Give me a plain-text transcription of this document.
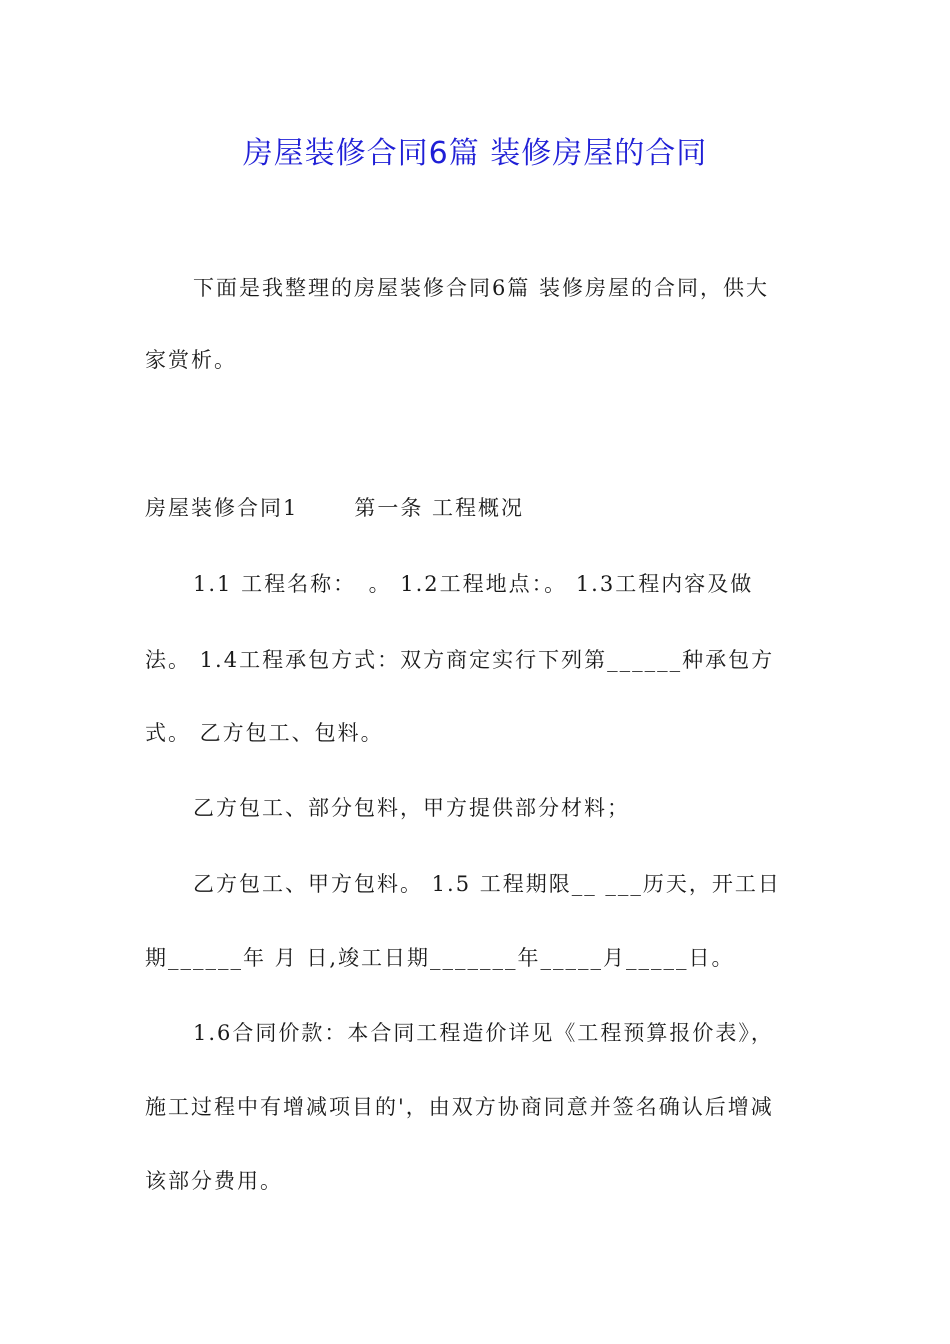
房屋装修合同6篇 装修房屋的合同

下面是我整理的房屋装修合同6篇 装修房屋的合同，供大

家赏析。

房屋装修合同1	第一条 工程概况

1.1 工程名称：　。 1.2工程地点：。 1.3工程内容及做

法。 1.4工程承包方式：双方商定实行下列第______种承包方

式。 乙方包工、包料。

乙方包工、部分包料，甲方提供部分材料；

乙方包工、甲方包料。 1.5 工程期限__ ___历天，开工日

期______年 月 日,竣工日期_______年_____月_____日。

1.6合同价款：本合同工程造价详见《工程预算报价表》，

施工过程中有增减项目的'，由双方协商同意并签名确认后增减

该部分费用。
